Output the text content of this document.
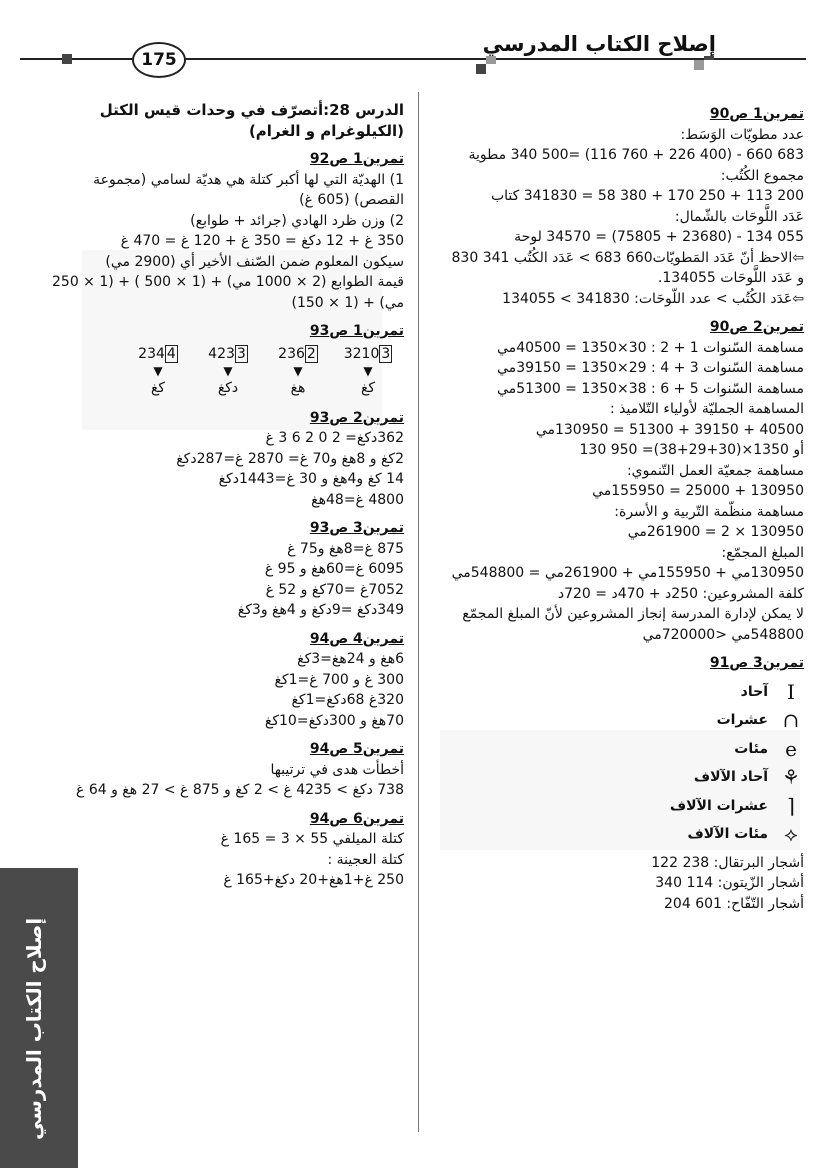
إصلاح الكتاب المدرسي
175
تمرين1 ص90
عدد مطويّات الوَسَط:
683 660 - (400 226 + 760 116) =500 340 مطوية
مجموع الكُتُب:
200 113 + 250 170 + 380 58 = 341830 كتاب
عَدَد اللَّوحَات بالشّمال:
055 134 - (23680 + 75805) = 34570 لوحة
⇦الاحظ أنّ عَدَد المَطويّات660 683 > عَدَد الكُتُب 341 830
و عَدَد اللَّوحَات 134055.
⇦عَدَد الكُتُب > عدد اللّوحَات: 341830 > 134055
تمرين2 ص90
مساهمة السّنوات 1 + 2 : 30×1350 = 40500مي
مساهمة السّنوات 3 + 4 : 29×1350 = 39150مي
مساهمة السّنوات 5 + 6 : 38×1350 = 51300مي
المساهمة الجمليّة لأولياء التّلاميذ :
40500 + 39150 + 51300 = 130950مي
أو 1350×(30+29+38)= 950 130
مساهمة جمعيّة العمل التّنموي:
130950 + 25000 = 155950مي
مساهمة منظّمة التّربية و الأسرة:
130950 × 2 = 261900مي
المبلغ المجمّع:
130950مي + 155950مي + 261900مي = 548800مي
كلفة المشروعين: 250د + 470د = 720د
لا يمكن لإدارة المدرسة إنجاز المشروعين لأنّ المبلغ المجمّع
548800مي <720000مي
تمرين3 ص91
I
آحاد
∩
عشرات
e
مئات
⚘
آحاد الآلاف
⌈
عشرات الآلاف
⟡
مئات الآلاف
أشجار البرتقال: 238 122
أشجار الزّيتون: 114 340
أشجار التّفّاح: 601 204
الدرس 28:أتصرّف في وحدات قيس الكتل
(الكيلوغرام و الغرام)
تمرين1 ص92
1) الهديّة التي لها أكبر كتلة هي هديّة لسامي (مجموعة
القصص) (605 غ)
2) وزن ظرد الهادي (جرائد + طوابع)
350 غ + 12 دكغ = 350 غ + 120 غ = 470 غ
سيكون المعلوم ضمن الصّنف الأخير أي (2900 مي)
قيمة الطوابع (2 × 1000 مي) + (1 × 500 ) + (1 × 250
مي) + (1 × 150)
تمرين1 ص93
3210 3
▼
كغ
236 2
▼
هغ
423 3
▼
دكغ
234 4
▼
كغ
تمرين2 ص93
362دكغ= 2 0 2 6 3 غ
2كغ و 8هغ و70 غ= 2870 غ=287دكغ
14 كغ و4هغ و 30 غ=1443دكغ
4800 غ=48هغ
تمرين3 ص93
875 غ=8هغ و75 غ
6095 غ=60هغ و 95 غ
7052غ =70كغ و 52 غ
349دكغ =9دكغ و 4هغ و3كغ
تمرين4 ص94
6هغ و 24هغ=3كغ
300 غ و 700 غ=1كغ
320غ 68دكغ=1كغ
70هغ و 300دكغ=10كغ
تمرين5 ص94
أخطأت هدى في ترتيبها
738 دكغ > 4235 غ > 2 كغ و 875 غ > 27 هغ و 64 غ
تمرين6 ص94
كتلة الميلفي 55 × 3 = 165 غ
كتلة العجينة :
250 غ+1هغ+20 دكغ+165 غ
إصلاح الكتاب المدرسي
